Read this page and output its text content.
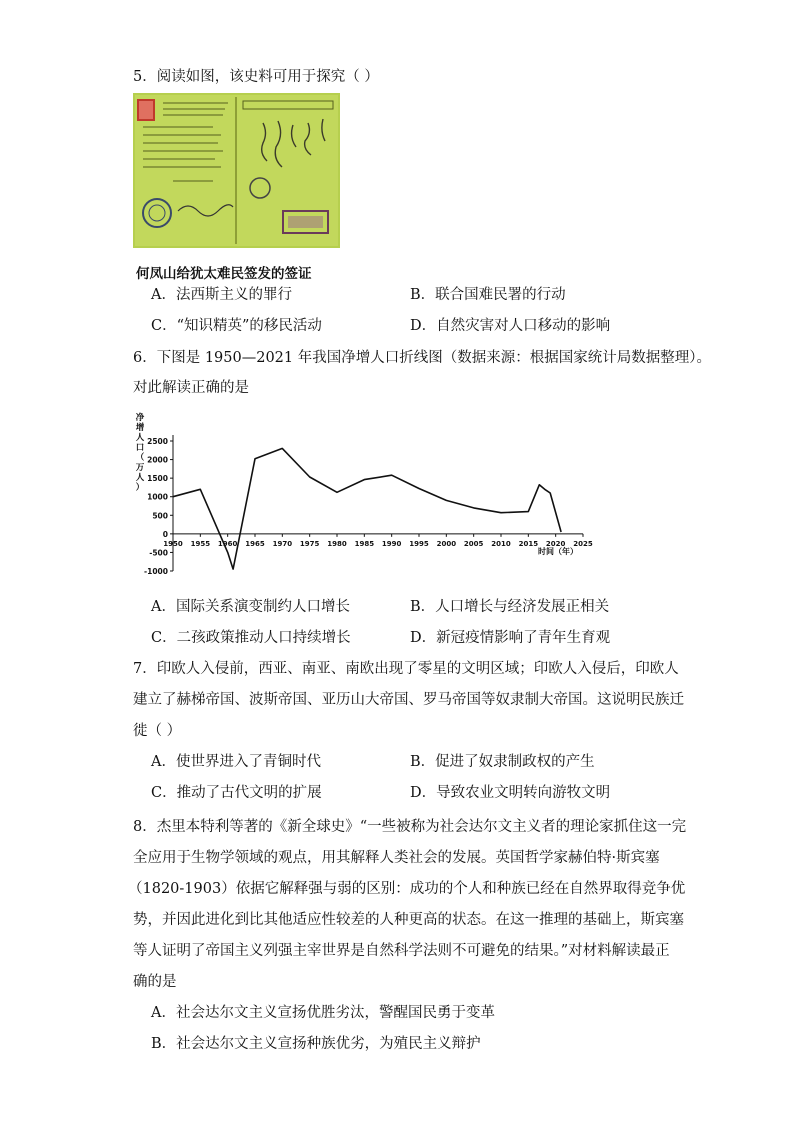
5．阅读如图，该史料可用于探究（ ）
何凤山给犹太难民签发的签证
A．法西斯主义的罪行	B．联合国难民署的行动
C．“知识精英”的移民活动	D．自然灾害对人口移动的影响
6．下图是 1950—2021 年我国净增人口折线图（数据来源：根据国家统计局数据整理）。
对此解读正确的是
2500
2000
1500
1000
500
0
-500
-1000
1950 1955 1960 1965 1970 1975 1980 1985 1990 1995 2000 2005 2010 2015 2020 2025
净
增
人
口
（
万
人
）
时间（年）
A．国际关系演变制约人口增长	B．人口增长与经济发展正相关
C．二孩政策推动人口持续增长	D．新冠疫情影响了青年生育观
7．印欧人入侵前，西亚、南亚、南欧出现了零星的文明区域；印欧人入侵后，印欧人
建立了赫梯帝国、波斯帝国、亚历山大帝国、罗马帝国等奴隶制大帝国。这说明民族迁
徙（ ）
A．使世界进入了青铜时代	B．促进了奴隶制政权的产生
C．推动了古代文明的扩展	D．导致农业文明转向游牧文明
8．杰里本特利等著的《新全球史》“一些被称为社会达尔文主义者的理论家抓住这一完
全应用于生物学领域的观点，用其解释人类社会的发展。英国哲学家赫伯特·斯宾塞
（1820-1903）依据它解释强与弱的区别：成功的个人和种族已经在自然界取得竞争优
势，并因此进化到比其他适应性较差的人种更高的状态。在这一推理的基础上，斯宾塞
等人证明了帝国主义列强主宰世界是自然科学法则不可避免的结果。”对材料解读最正
确的是
A．社会达尔文主义宣扬优胜劣汰，警醒国民勇于变革
B．社会达尔文主义宣扬种族优劣，为殖民主义辩护
